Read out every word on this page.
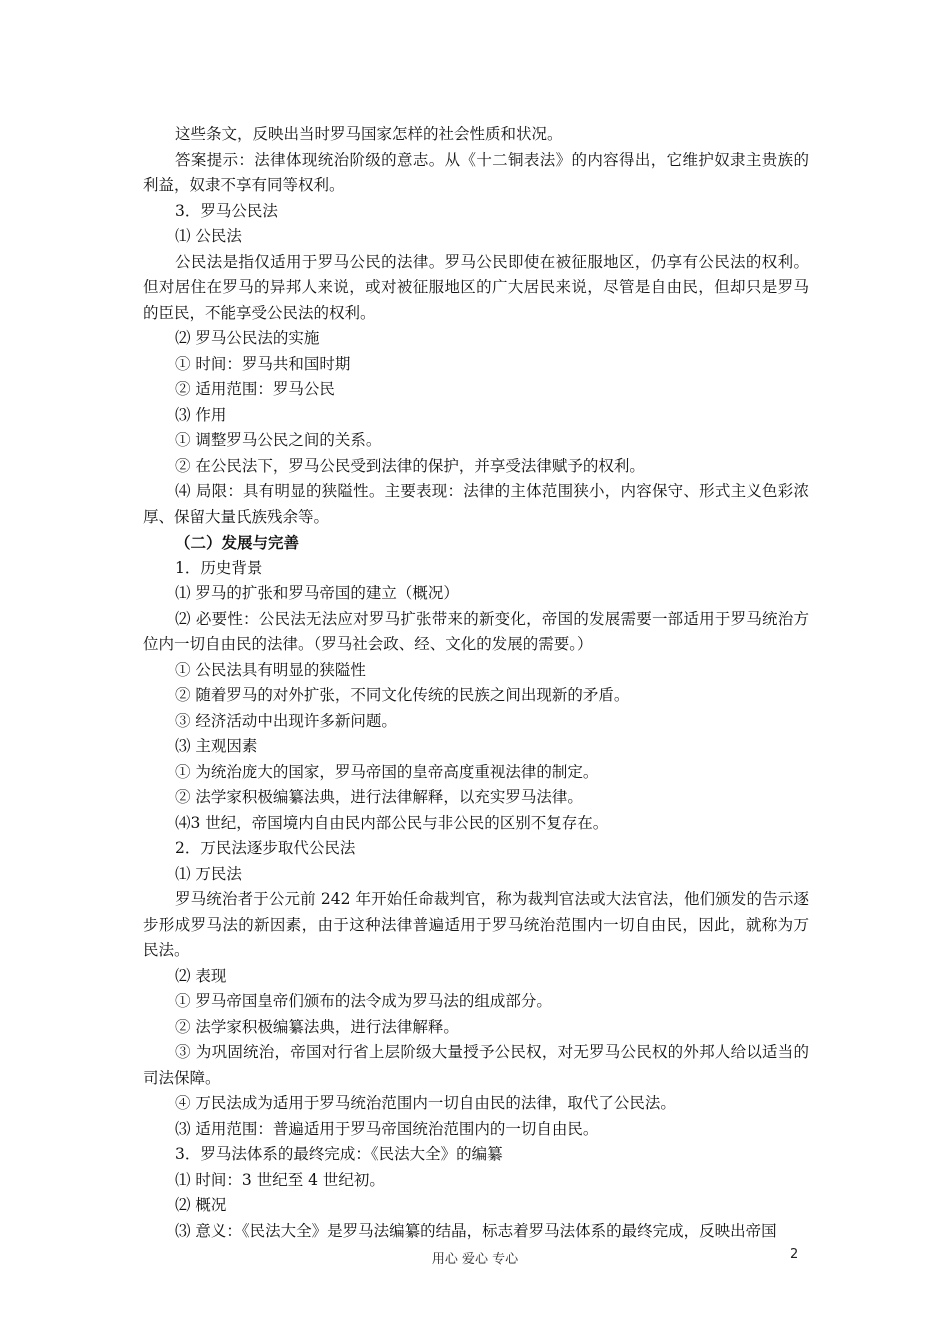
这些条文，反映出当时罗马国家怎样的社会性质和状况。

答案提示：法律体现统治阶级的意志。从《十二铜表法》的内容得出，它维护奴隶主贵族的利益，奴隶不享有同等权利。

3．罗马公民法

⑴ 公民法

公民法是指仅适用于罗马公民的法律。罗马公民即使在被征服地区，仍享有公民法的权利。但对居住在罗马的异邦人来说，或对被征服地区的广大居民来说，尽管是自由民，但却只是罗马的臣民，不能享受公民法的权利。

⑵ 罗马公民法的实施

① 时间：罗马共和国时期

② 适用范围：罗马公民

⑶ 作用

① 调整罗马公民之间的关系。

② 在公民法下，罗马公民受到法律的保护，并享受法律赋予的权利。

⑷ 局限：具有明显的狭隘性。主要表现：法律的主体范围狭小，内容保守、形式主义色彩浓厚、保留大量氏族残余等。

（二）发展与完善

1．历史背景

⑴ 罗马的扩张和罗马帝国的建立（概况）

⑵ 必要性：公民法无法应对罗马扩张带来的新变化，帝国的发展需要一部适用于罗马统治方位内一切自由民的法律。（罗马社会政、经、文化的发展的需要。）

① 公民法具有明显的狭隘性

② 随着罗马的对外扩张，不同文化传统的民族之间出现新的矛盾。

③ 经济活动中出现许多新问题。

⑶ 主观因素

① 为统治庞大的国家，罗马帝国的皇帝高度重视法律的制定。

② 法学家积极编纂法典，进行法律解释，以充实罗马法律。

⑷3 世纪，帝国境内自由民内部公民与非公民的区别不复存在。

2．万民法逐步取代公民法

⑴ 万民法

罗马统治者于公元前 242 年开始任命裁判官，称为裁判官法或大法官法，他们颁发的告示逐步形成罗马法的新因素，由于这种法律普遍适用于罗马统治范围内一切自由民，因此，就称为万民法。

⑵ 表现

① 罗马帝国皇帝们颁布的法令成为罗马法的组成部分。

② 法学家积极编纂法典，进行法律解释。

③ 为巩固统治，帝国对行省上层阶级大量授予公民权，对无罗马公民权的外邦人给以适当的司法保障。

④ 万民法成为适用于罗马统治范围内一切自由民的法律，取代了公民法。

⑶ 适用范围：普遍适用于罗马帝国统治范围内的一切自由民。

3．罗马法体系的最终完成：《民法大全》的编纂

⑴ 时间：3 世纪至 4 世纪初。

⑵ 概况

⑶ 意义：《民法大全》是罗马法编纂的结晶，标志着罗马法体系的最终完成，反映出帝国

用心 爱心 专心	2
